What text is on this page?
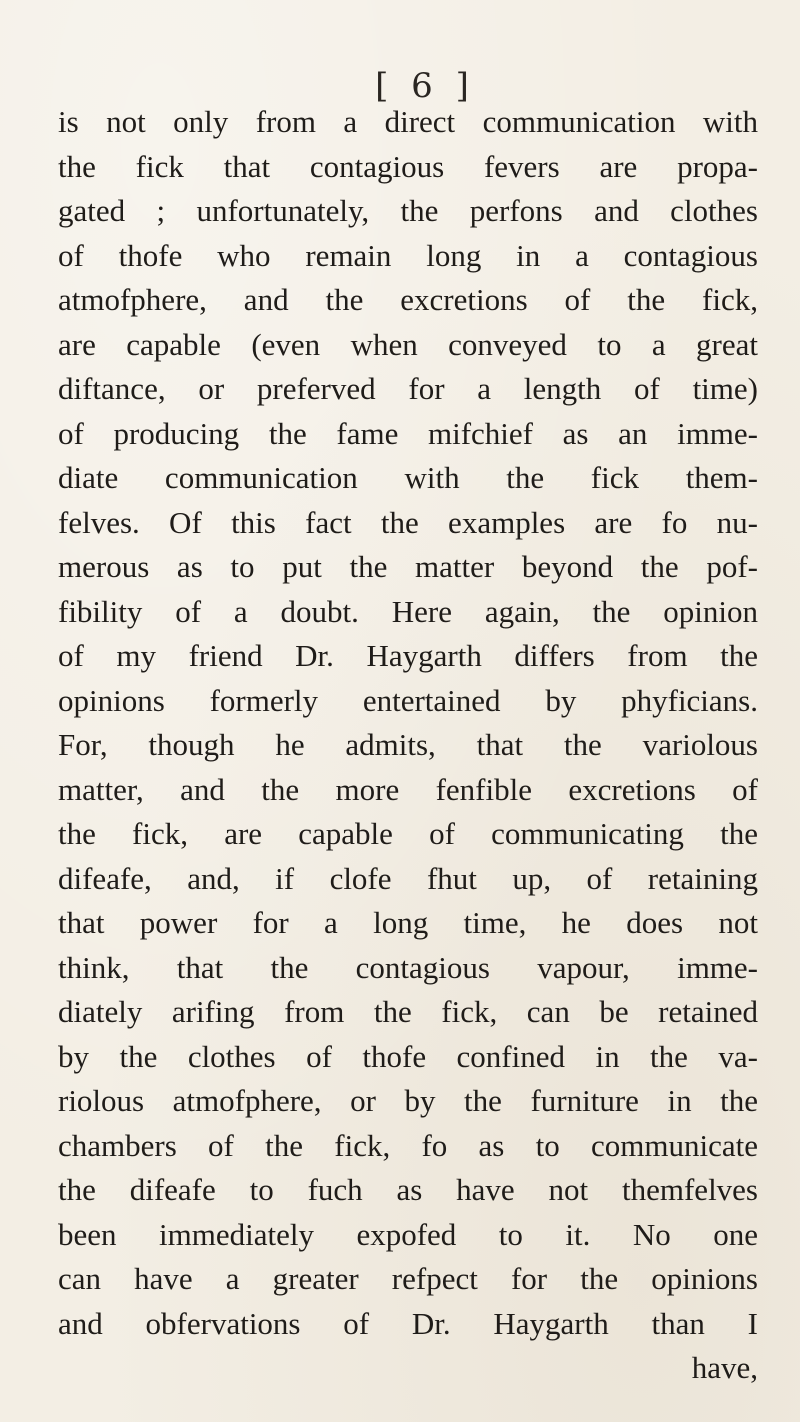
[ 6 ]
is not only from a direct communication with
the fick that contagious fevers are propa-
gated ; unfortunately, the perfons and clothes
of thofe who remain long in a contagious
atmofphere, and the excretions of the fick,
are capable (even when conveyed to a great
diftance, or preferved for a length of time)
of producing the fame mifchief as an imme-
diate communication with the fick them-
felves. Of this fact the examples are fo nu-
merous as to put the matter beyond the pof-
fibility of a doubt. Here again, the opinion
of my friend Dr. Haygarth differs from the
opinions formerly entertained by phyficians.
For, though he admits, that the variolous
matter, and the more fenfible excretions of
the fick, are capable of communicating the
difeafe, and, if clofe fhut up, of retaining
that power for a long time, he does not
think, that the contagious vapour, imme-
diately arifing from the fick, can be retained
by the clothes of thofe confined in the va-
riolous atmofphere, or by the furniture in the
chambers of the fick, fo as to communicate
the difeafe to fuch as have not themfelves
been immediately expofed to it. No one
can have a greater refpect for the opinions
and obfervations of Dr. Haygarth than I
have,
